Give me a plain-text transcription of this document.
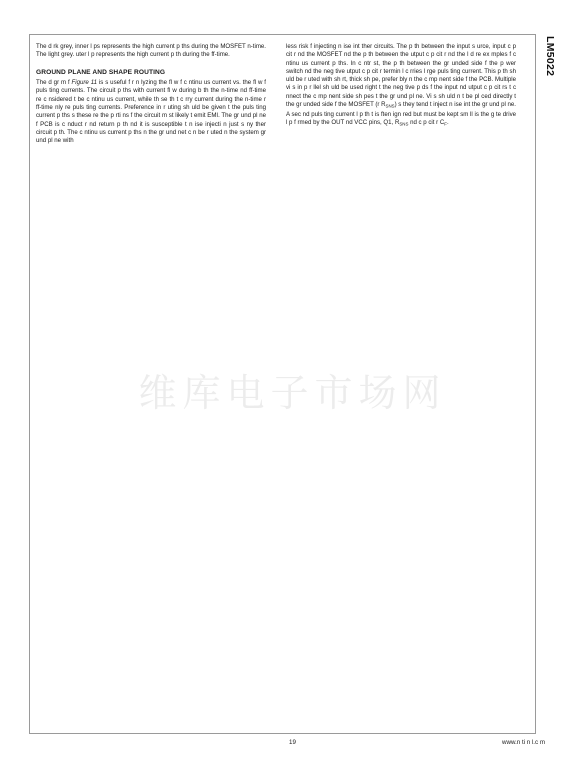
LM5022

The d rk grey, inner l ps represents the high current p ths during the MOSFET n-time. The light grey. uter l p represents the high current p th during the ff-time.

GROUND PLANE AND SHAPE ROUTING

The d gr m f Figure 11 is s useful f r n lyzing the fl w f c ntinu us current vs. the fl w f puls ting currents. The circuit p ths with current fl w during b th the n-time nd ff-time re c nsidered t be c ntinu us current, while th se th t c rry current during the n-time r ff-time nly re puls ting currents. Preference in r uting sh uld be given t the puls ting current p ths s these re the p rti ns f the circuit m st likely t emit EMI. The gr und pl ne f PCB is c nduct r nd return p th nd it is susceptible t n ise injecti n just s ny ther circuit p th. The c ntinu us current p ths n the gr und net c n be r uted n the system gr und pl ne with

less risk f injecting n ise int ther circuits. The p th between the input s urce, input c p cit r nd the MOSFET nd the p th between the utput c p cit r nd the l d re ex mples f c ntinu us current p ths. In c ntr st, the p th between the gr unded side f the p wer switch nd the neg tive utput c p cit r termin l c rries l rge puls ting current. This p th sh uld be r uted with sh rt, thick sh pe, prefer bly n the c mp nent side f the PCB. Multiple vi s in p r llel sh uld be used right t the neg tive p ds f the input nd utput c p cit rs t c nnect the c mp nent side sh pes t the gr und pl ne. Vi s sh uld n t be pl ced directly t the gr unded side f the MOSFET (r $R_{SNS}$) s they tend t inject n ise int the gr und pl ne. A sec nd puls ting current l p th t is ften ign red but must be kept sm ll is the g te drive l p f rmed by the OUT nd VCC pins, Q1, $R_{SNS}$ nd c p cit r $C_F$.

维库电子市场网
19	www.n ti n l.c m
